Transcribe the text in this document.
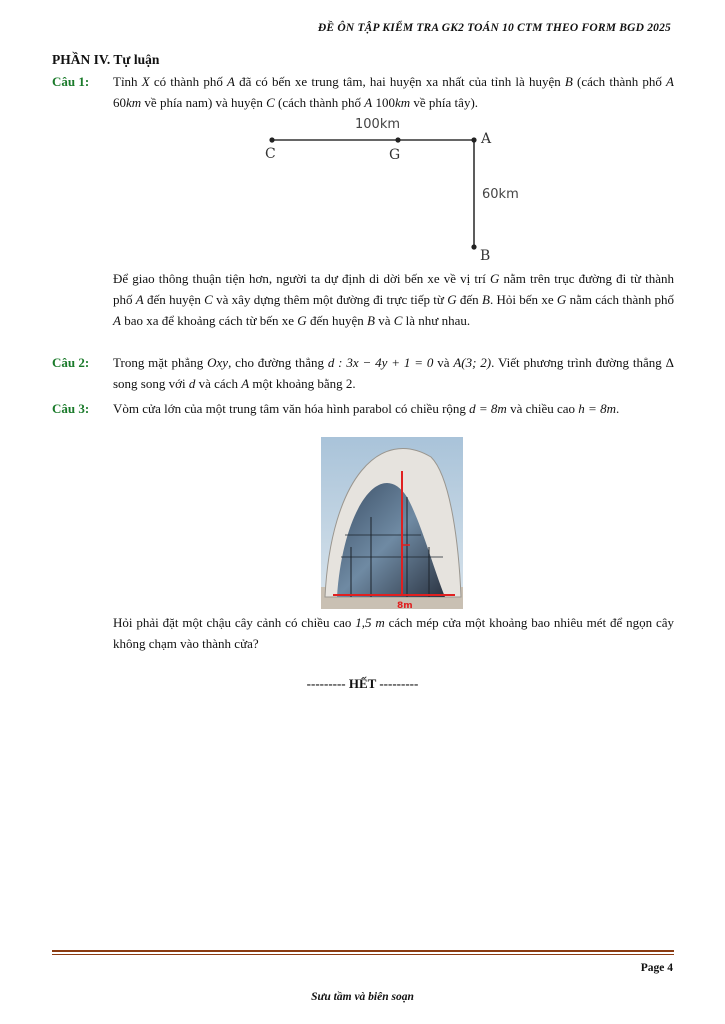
ĐỀ ÔN TẬP KIỂM TRA GK2 TOÁN 10 CTM THEO FORM BGD 2025
PHẦN IV. Tự luận
Câu 1: Tỉnh X có thành phố A đã có bến xe trung tâm, hai huyện xa nhất của tỉnh là huyện B (cách thành phố A 60km về phía nam) và huyện C (cách thành phố A 100km về phía tây).
100km
60km
A
B
C	G
Để giao thông thuận tiện hơn, người ta dự định di dời bến xe về vị trí G nằm trên trục đường đi từ thành phố A đến huyện C và xây dựng thêm một đường đi trực tiếp từ G đến B. Hỏi bến xe G nằm cách thành phố A bao xa để khoảng cách từ bến xe G đến huyện B và C là như nhau.
Câu 2: Trong mặt phẳng Oxy, cho đường thẳng d : 3x − 4y + 1 = 0 và A(3; 2). Viết phương trình đường thẳng Δ song song với d và cách A một khoảng bằng 2.
Câu 3: Vòm cửa lớn của một trung tâm văn hóa hình parabol có chiều rộng d = 8m và chiều cao h = 8m.
8m
Hỏi phải đặt một chậu cây cảnh có chiều cao 1,5 m cách mép cửa một khoảng bao nhiêu mét để ngọn cây không chạm vào thành cửa?
--------- HẾT ---------
Page 4
Sưu tầm và biên soạn
